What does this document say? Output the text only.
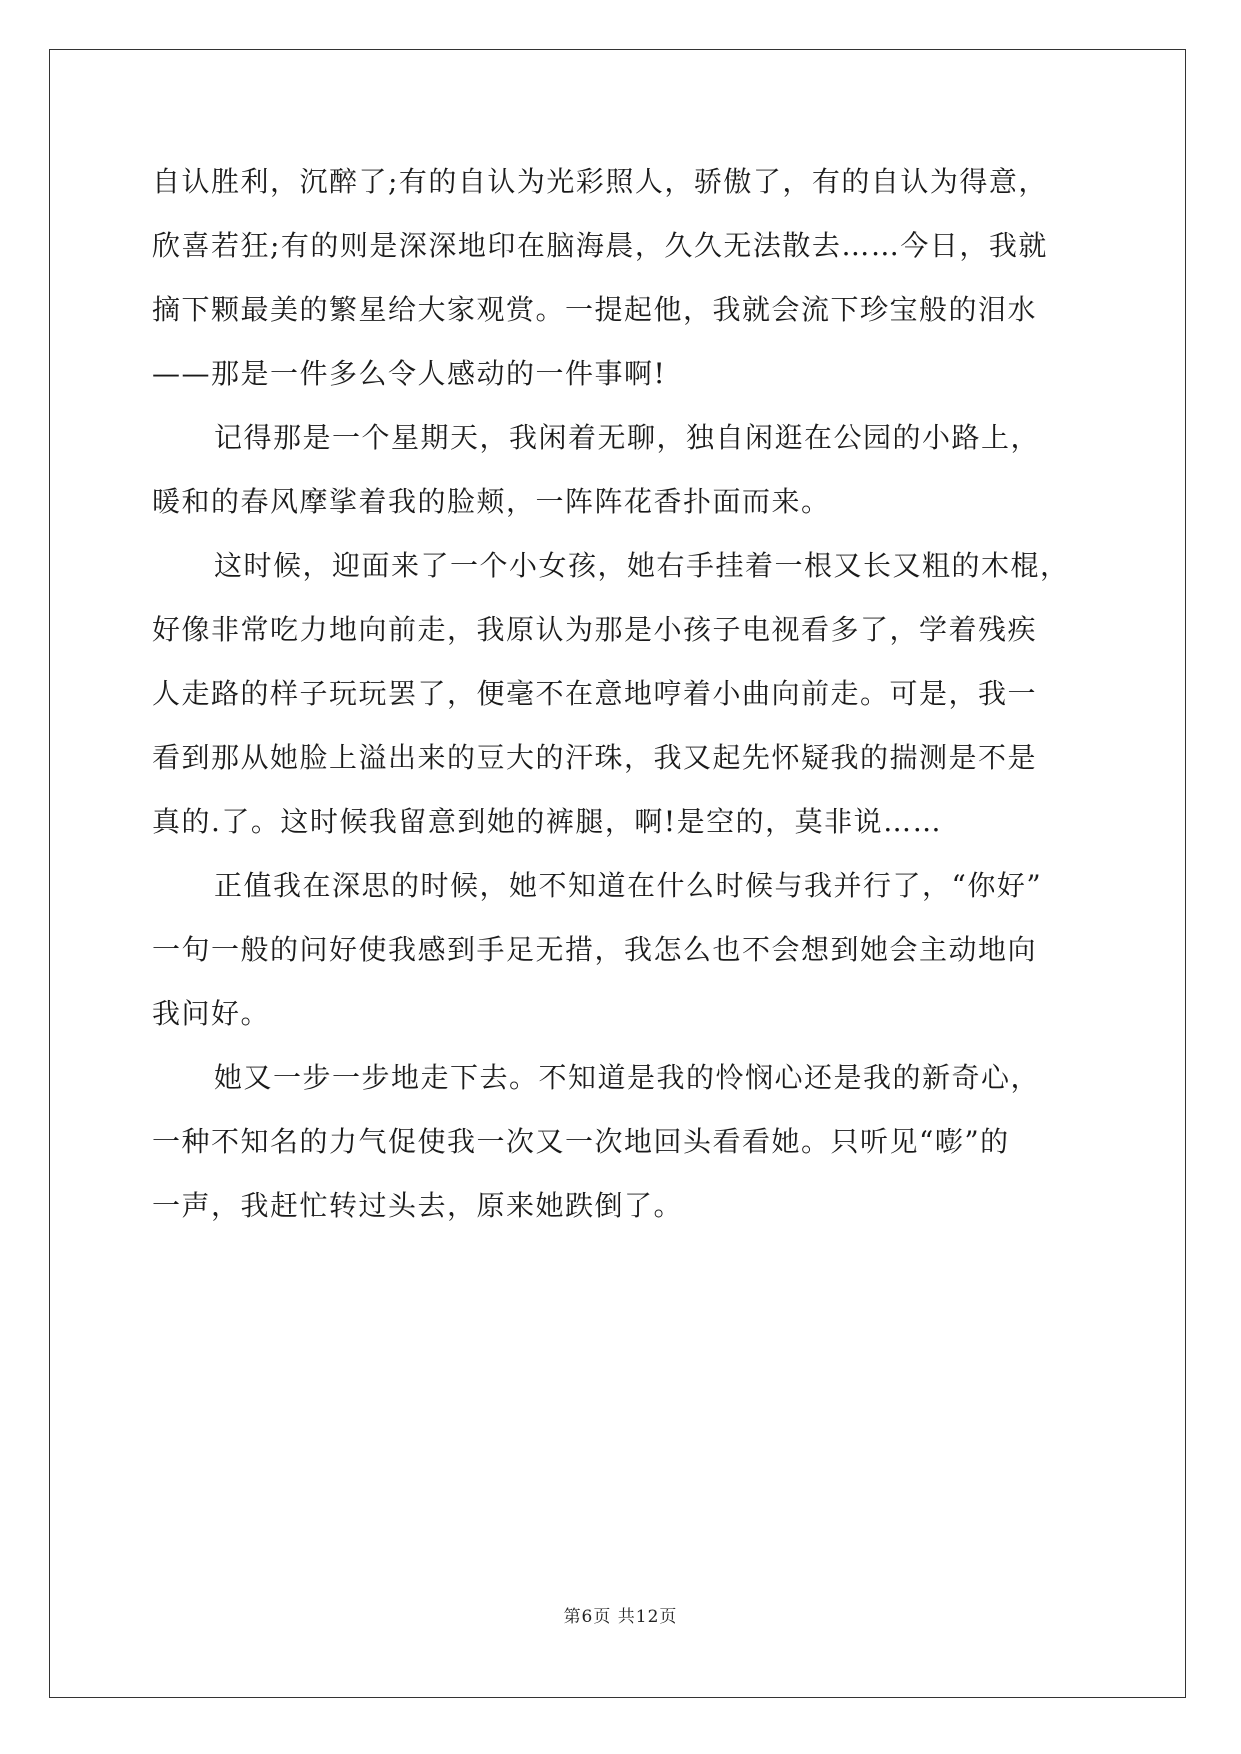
自认胜利，沉醉了;有的自认为光彩照人，骄傲了，有的自认为得意，
欣喜若狂;有的则是深深地印在脑海晨，久久无法散去……今日，我就
摘下颗最美的繁星给大家观赏。一提起他，我就会流下珍宝般的泪水
——那是一件多么令人感动的一件事啊!
记得那是一个星期天，我闲着无聊，独自闲逛在公园的小路上，
暖和的春风摩挲着我的脸颊，一阵阵花香扑面而来。
这时候，迎面来了一个小女孩，她右手挂着一根又长又粗的木棍，
好像非常吃力地向前走，我原认为那是小孩子电视看多了，学着残疾
人走路的样子玩玩罢了，便毫不在意地哼着小曲向前走。可是，我一
看到那从她脸上溢出来的豆大的汗珠，我又起先怀疑我的揣测是不是
真的.了。这时候我留意到她的裤腿，啊!是空的，莫非说……
正值我在深思的时候，她不知道在什么时候与我并行了，“你好”
一句一般的问好使我感到手足无措，我怎么也不会想到她会主动地向
我问好。
她又一步一步地走下去。不知道是我的怜悯心还是我的新奇心，
一种不知名的力气促使我一次又一次地回头看看她。只听见“嘭”的
一声，我赶忙转过头去，原来她跌倒了。
第6页 共12页
